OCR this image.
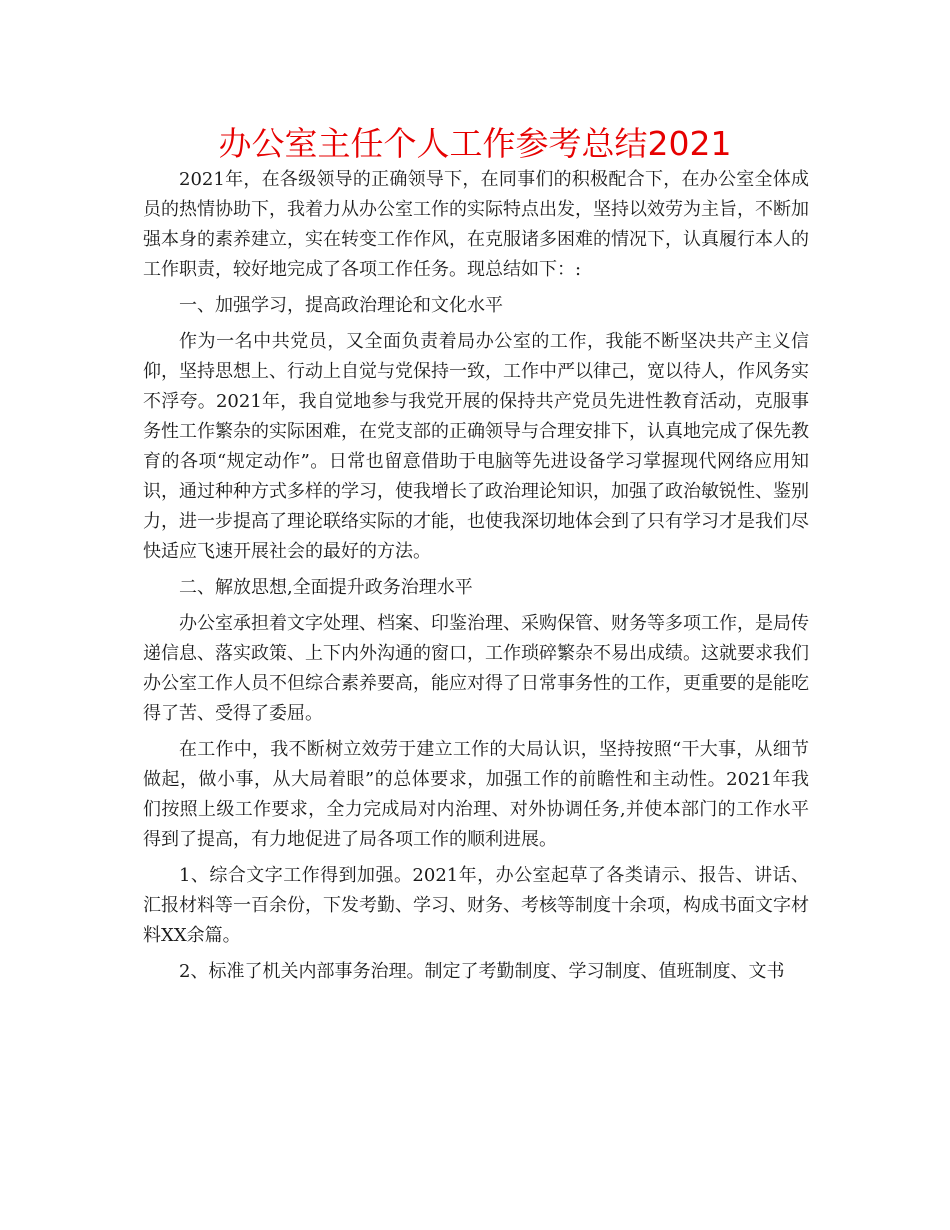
办公室主任个人工作参考总结2021

2021年，在各级领导的正确领导下，在同事们的积极配合下，在办公室全体成员的热情协助下，我着力从办公室工作的实际特点出发，坚持以效劳为主旨，不断加强本身的素养建立，实在转变工作作风，在克服诸多困难的情况下，认真履行本人的工作职责，较好地完成了各项工作任务。现总结如下：:

一、加强学习，提高政治理论和文化水平

作为一名中共党员，又全面负责着局办公室的工作，我能不断坚决共产主义信仰，坚持思想上、行动上自觉与党保持一致，工作中严以律己，宽以待人，作风务实不浮夸。2021年，我自觉地参与我党开展的保持共产党员先进性教育活动，克服事务性工作繁杂的实际困难，在党支部的正确领导与合理安排下，认真地完成了保先教育的各项“规定动作”。日常也留意借助于电脑等先进设备学习掌握现代网络应用知识，通过种种方式多样的学习，使我增长了政治理论知识，加强了政治敏锐性、鉴别力，进一步提高了理论联络实际的才能，也使我深切地体会到了只有学习才是我们尽快适应飞速开展社会的最好的方法。

二、解放思想,全面提升政务治理水平

办公室承担着文字处理、档案、印鉴治理、采购保管、财务等多项工作，是局传递信息、落实政策、上下内外沟通的窗口，工作琐碎繁杂不易出成绩。这就要求我们办公室工作人员不但综合素养要高，能应对得了日常事务性的工作，更重要的是能吃得了苦、受得了委屈。

在工作中，我不断树立效劳于建立工作的大局认识，坚持按照“干大事，从细节做起，做小事，从大局着眼”的总体要求，加强工作的前瞻性和主动性。2021年我们按照上级工作要求，全力完成局对内治理、对外协调任务,并使本部门的工作水平得到了提高，有力地促进了局各项工作的顺利进展。

1、综合文字工作得到加强。2021年，办公室起草了各类请示、报告、讲话、汇报材料等一百余份，下发考勤、学习、财务、考核等制度十余项，构成书面文字材料XX余篇。

2、标准了机关内部事务治理。制定了考勤制度、学习制度、值班制度、文书
